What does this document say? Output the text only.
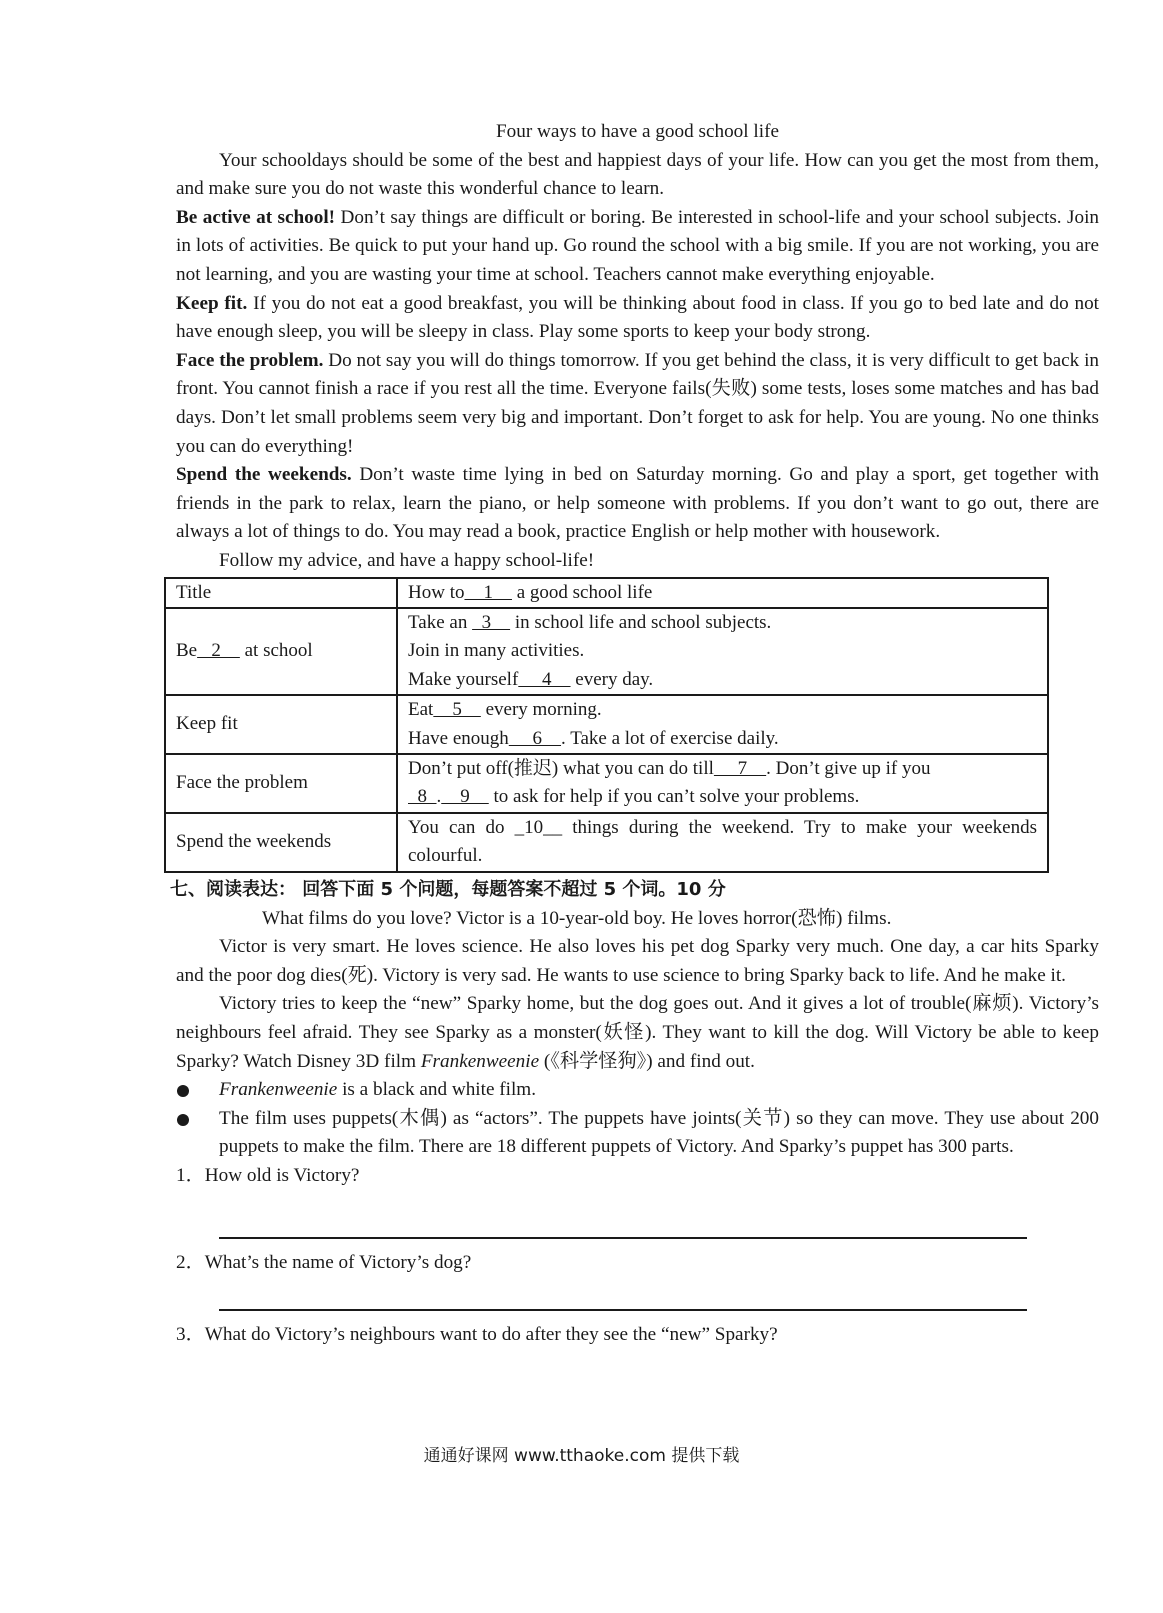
Four ways to have a good school life

Your schooldays should be some of the best and happiest days of your life. How can you get the most from them, and make sure you do not waste this wonderful chance to learn.

Be active at school! Don’t say things are difficult or boring. Be interested in school-life and your school subjects. Join in lots of activities. Be quick to put your hand up. Go round the school with a big smile. If you are not working, you are not learning, and you are wasting your time at school. Teachers cannot make everything enjoyable.

Keep fit. If you do not eat a good breakfast, you will be thinking about food in class. If you go to bed late and do not have enough sleep, you will be sleepy in class. Play some sports to keep your body strong.

Face the problem. Do not say you will do things tomorrow. If you get behind the class, it is very difficult to get back in front. You cannot finish a race if you rest all the time. Everyone fails(失败) some tests, loses some matches and has bad days. Don’t let small problems seem very big and important. Don’t forget to ask for help. You are young. No one thinks you can do everything!

Spend the weekends. Don’t waste time lying in bed on Saturday morning. Go and play a sport, get together with friends in the park to relax, learn the piano, or help someone with problems. If you don’t want to go out, there are always a lot of things to do. You may read a book, practice English or help mother with housework.

Follow my advice, and have a happy school-life!

Title	How to    1     a good school life
Be   2     at school	Take an   3     in school life and school subjects.
Join in many activities.
Make yourself     4     every day.

Keep fit	Eat    5     every morning.
Have enough     6    . Take a lot of exercise daily.

Face the problem	Don’t put off(推迟) what you can do till     7    . Don’t give up if you
8  .    9     to ask for help if you can’t solve your problems.

Spend the weekends	You can do _10__ things during the weekend. Try to make your weekends colourful.
七、阅读表达： 回答下面 5 个问题，每题答案不超过 5 个词。10 分

What films do you love? Victor is a 10-year-old boy. He loves horror(恐怖) films.

Victor is very smart. He loves science. He also loves his pet dog Sparky very much. One day, a car hits Sparky and the poor dog dies(死). Victory is very sad. He wants to use science to bring Sparky back to life. And he make it.

Victory tries to keep the “new” Sparky home, but the dog goes out. And it gives a lot of trouble(麻烦). Victory’s neighbours feel afraid. They see Sparky as a monster(妖怪). They want to kill the dog. Will Victory be able to keep Sparky? Watch Disney 3D film Frankenweenie (《科学怪狗》) and find out.

Frankenweenie is a black and white film.
The film uses puppets(木偶) as “actors”. The puppets have joints(关节) so they can move. They use about 200 puppets to make the film. There are 18 different puppets of Victory. And Sparky’s puppet has 300 parts.
1．How old is Victory?
2．What’s the name of Victory’s dog?
3．What do Victory’s neighbours want to do after they see the “new” Sparky?
通通好课网 www.tthaoke.com 提供下载
